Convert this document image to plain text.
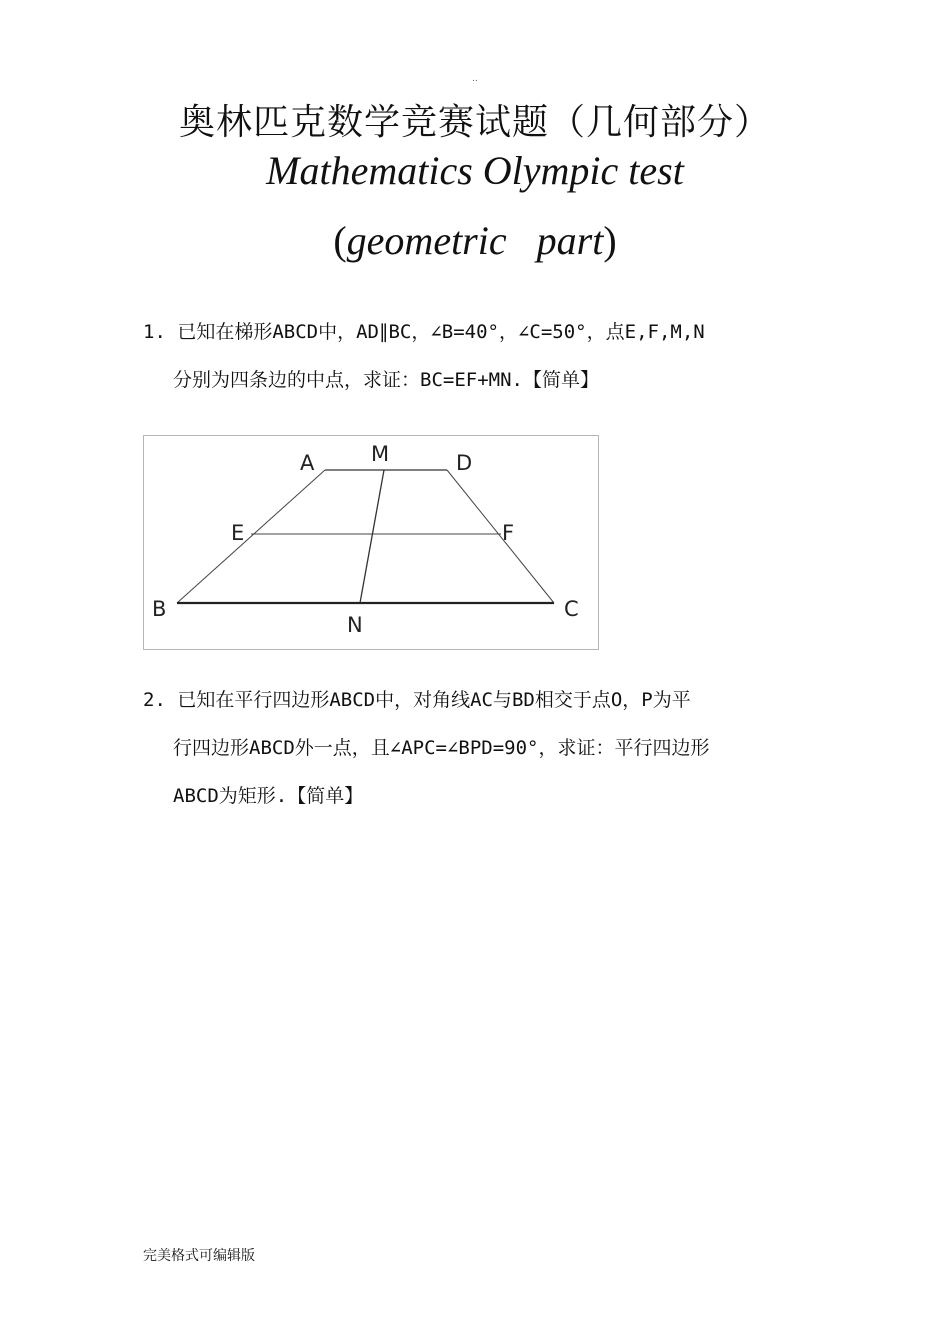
..
奥林匹克数学竞赛试题（几何部分）
Mathematics Olympic test
(geometric part)
1. 已知在梯形ABCD中，AD∥BC，∠B=40°，∠C=50°，点E,F,M,N
分别为四条边的中点，求证：BC=EF+MN.【简单】
A	M	D
E	F
B
N
C
2. 已知在平行四边形ABCD中，对角线AC与BD相交于点O，P为平
行四边形ABCD外一点，且∠APC=∠BPD=90°，求证：平行四边形
ABCD为矩形.【简单】
完美格式可编辑版
